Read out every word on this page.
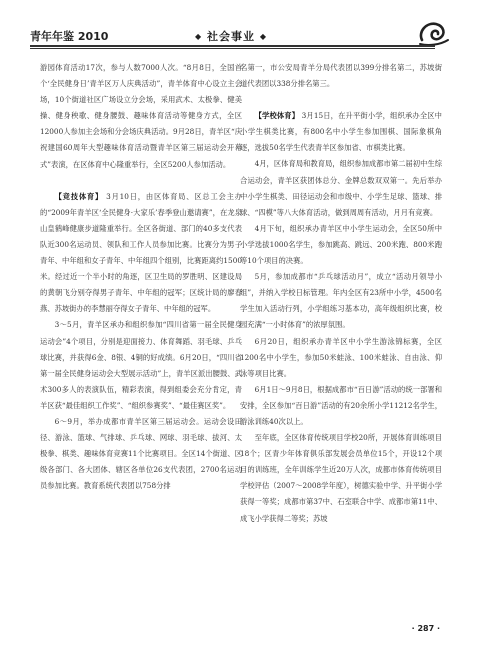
青年年鉴 2010	◆ 社会事业 ◆

游园体育活动17次，参与人数7000人次。“8月8日，全国首个‘全民健身日’青羊区万人庆典活动”，青羊体育中心设立主会场，10个街道社区广场设立分会场，采用武术、太极拳、健美操、健身秧歌、健身腰鼓、趣味体育活动等健身方式，全区12000人参加主会场和分会场庆典活动。9月28日，青羊区“庆祝建国60周年大型趣味体育活动暨青羊区第三届运动会开幕式”表演，在区体育中心隆重举行，全区5200人参加活动。

【竞技体育】 3月10日，由区体育局、区总工会主办的“2009年青羊区‘全民健身·大家乐’春季登山邀请赛”，在龙泉山皇鹤峰健康步道隆重举行。全区各街道、部门的40多支代表队近300名运动员、领队和工作人员参加比赛。比赛分为男子青年、中年组和女子青年、中年组四个组别，比赛距离约1500米。经过近一个半小时的角逐，区卫生局的罗胜明、区建设局的黄朝飞分别夺得男子青年、中年组的冠军；区统计局的廖春燕、苏坡街办的李慧丽夺得女子青年、中年组的冠军。

3～5月，青羊区承办和组织参加“四川省第一届全民健身运动会”4个项目，分别是迎面接力、体育舞蹈、羽毛球、乒乓球比赛，并获得6金、8银、4铜的好成绩。6月20日，“四川省第一届全民健身运动会大型展示活动”上，青羊区派出腰鼓、武术300多人的表演队伍，精彩表演，得到组委会充分肯定，青羊区获“最佳组织工作奖”、“组织参赛奖”、“最佳赛区奖”。

6～9月，举办成都市青羊区第三届运动会。运动会设田径、游泳、篮球、气排球、乒乓球、网球、羽毛球、拔河、太极拳、棋类、趣味体育竞赛11个比赛项目。全区14个街道、区级各部门、各大团体、辖区各单位26支代表团，2700名运动员参加比赛。教育系统代表团以758分排

名第一，市公安局青羊分局代表团以399分排名第二，苏坡街道代表团以338分排名第三。

【学校体育】 3月15日，在升平街小学，组织承办全区中小学生棋类比赛，有800名中小学生参加围棋、国际象棋角逐，选拔50名学生代表青羊区参加省、市棋类比赛。

4月，区体育局和教育局，组织参加成都市第二届初中生综合运动会，青羊区获团体总分、金牌总数双双第一。先后举办中小学生棋类、田径运动会和市级中、小学生足球、篮球、排球、“四模”等八大体育活动，做到周周有活动，月月有竞赛。

4月下旬，组织承办青羊区中小学生运动会，全区50所中小学选拔1000名学生，参加跳高、跳远、200米跑、800米跑等10个项目的决赛。

5月，参加成都市“乒乓球活动月”，成立“活动月领导小组”，并纳入学校日标管理。年内全区有23所中小学，4500名学生加入活动行列，小学组练习基本功，高年级组织比赛，校园充满“一小时体育”的浓厚氛围。

6月20日，组织承办青羊区中小学生游泳锦标赛，全区1200名中小学生，参加50米蛙泳、100米蛙泳、自由泳、仰泳等项目比赛。

6月1日～9月8日，根据成都市“百日游”活动的统一部署和安排，全区参加“百日游”活动的有20余所小学11212名学生，游泳训练40次以上。

至年底，全区体育传统项目学校20所，开展体育训练项目18个；区青少年体育俱乐部发展会员单位15个，开设12个项目的训练班，全年训练学生近20万人次，成都市体育传统项目学校评估（2007～2008学年度），树德实验中学、升平街小学获得一等奖；成都市第37中、石室联合中学、成都市第11中、成飞小学获得二等奖；苏坡

· 287 ·
